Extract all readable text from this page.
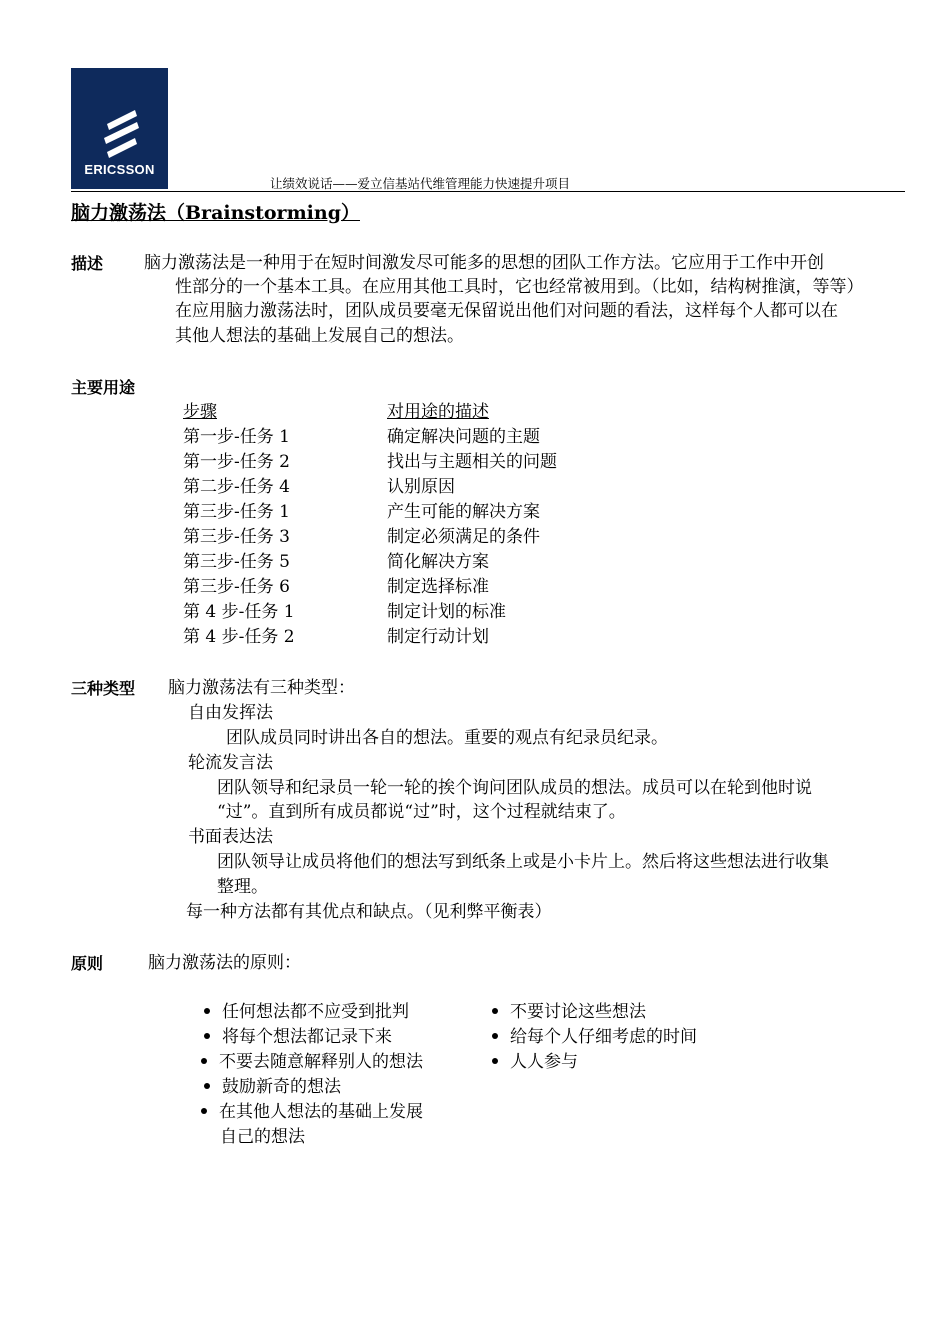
ERICSSON
让绩效说话——爱立信基站代维管理能力快速提升项目
脑力激荡法（Brainstorming）
描述 脑力激荡法是一种用于在短时间激发尽可能多的思想的团队工作方法。它应用于工作中开创
性部分的一个基本工具。在应用其他工具时，它也经常被用到。（比如，结构树推演，等等）
在应用脑力激荡法时，团队成员要毫无保留说出他们对问题的看法，这样每个人都可以在
其他人想法的基础上发展自己的想法。
主要用途
步骤	对用途的描述
第一步-任务 1	确定解决问题的主题
第一步-任务 2	找出与主题相关的问题
第二步-任务 4	认别原因
第三步-任务 1	产生可能的解决方案
第三步-任务 3	制定必须满足的条件
第三步-任务 5	简化解决方案
第三步-任务 6	制定选择标准
第 4 步-任务 1	制定计划的标准
第 4 步-任务 2	制定行动计划
三种类型 脑力激荡法有三种类型：
自由发挥法
团队成员同时讲出各自的想法。重要的观点有纪录员纪录。
轮流发言法
团队领导和纪录员一轮一轮的挨个询问团队成员的想法。成员可以在轮到他时说
“过”。直到所有成员都说“过”时，这个过程就结束了。
书面表达法
团队领导让成员将他们的想法写到纸条上或是小卡片上。然后将这些想法进行收集
整理。
每一种方法都有其优点和缺点。（见利弊平衡表）
原则	脑力激荡法的原则：
任何想法都不应受到批判
将每个想法都记录下来
不要去随意解释别人的想法
鼓励新奇的想法
在其他人想法的基础上发展
自己的想法
不要讨论这些想法
给每个人仔细考虑的时间
人人参与
